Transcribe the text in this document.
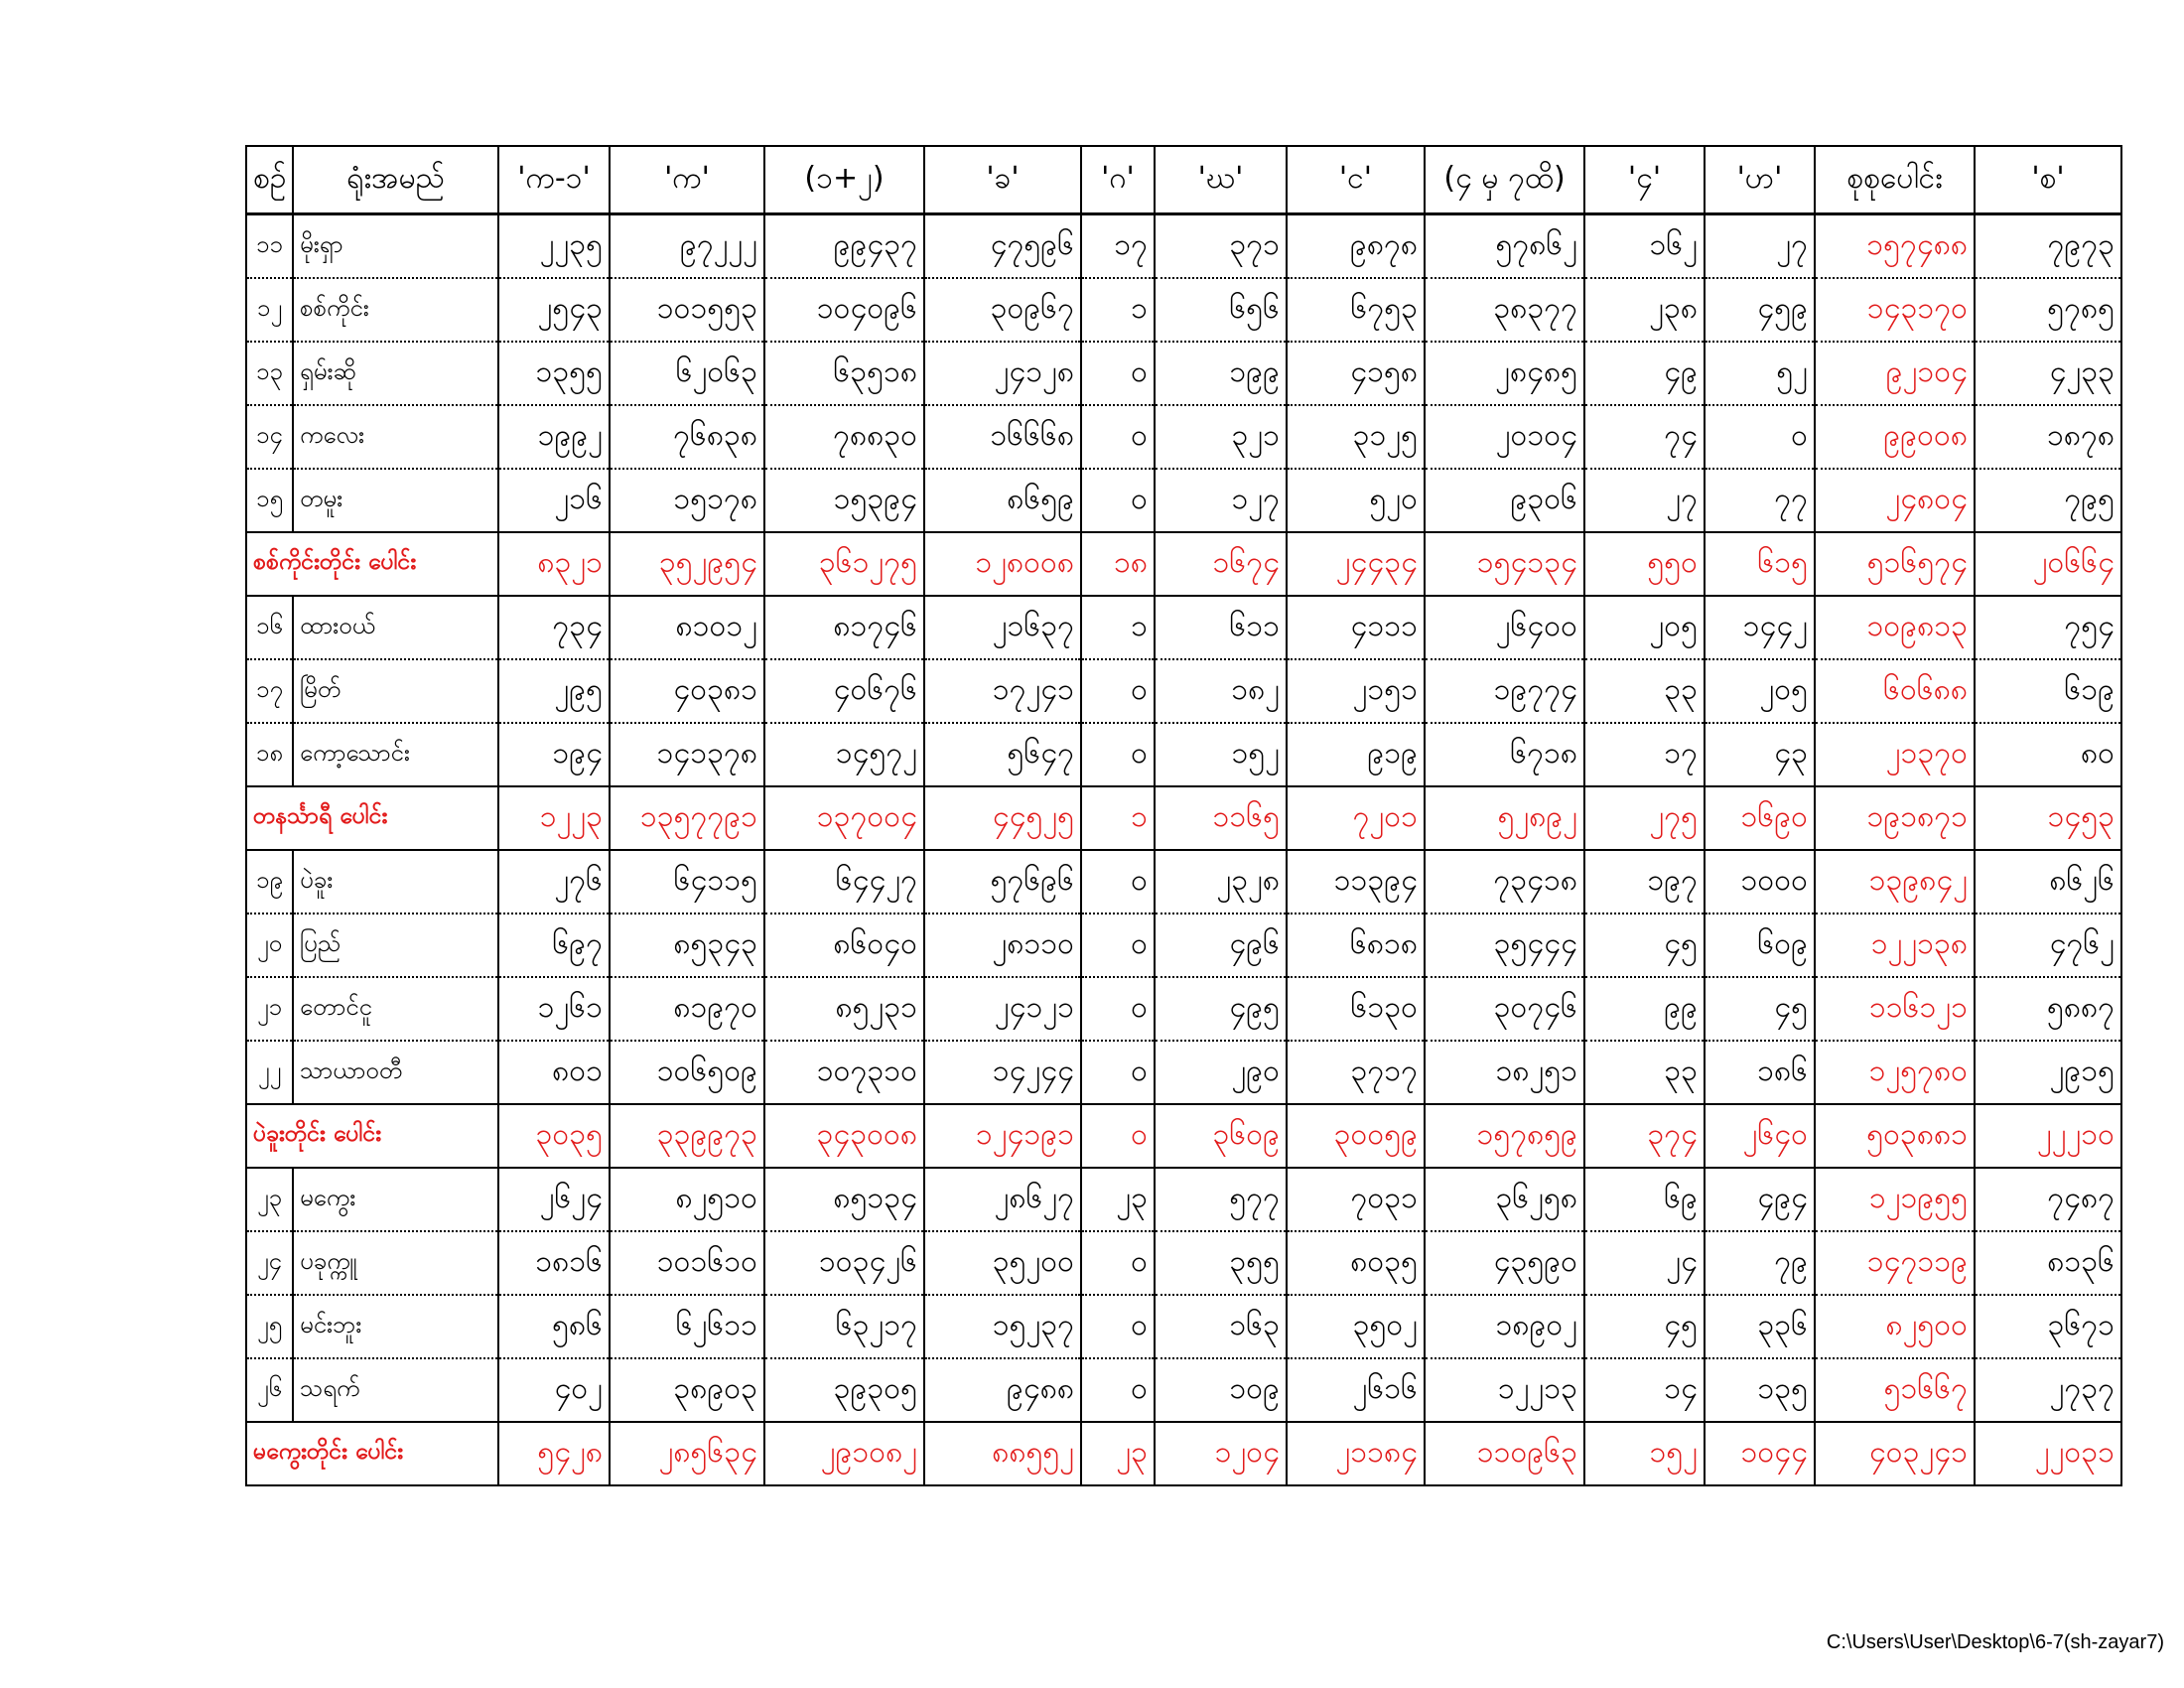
စဉ်	ရုံးအမည်	'က-၁'	'က'	(၁+၂)	'ခ'	'ဂ'	'ဃ'	'င'	(၄ မှ ၇ထိ)	'၄'	'ဟ'	စုစုပေါင်း	'စ'
၁၁	မိုးရှာ	၂၂၃၅	၉၇၂၂၂	၉၉၄၃၇	၄၇၅၉၆	၁၇	၃၇၁	၉၈၇၈	၅၇၈၆၂	၁၆၂	၂၇	၁၅၇၄၈၈	၇၉၇၃
၁၂	စစ်ကိုင်း	၂၅၄၃	၁၀၁၅၅၃	၁၀၄၀၉၆	၃၀၉၆၇	၁	၆၅၆	၆၇၅၃	၃၈၃၇၇	၂၃၈	၄၅၉	၁၄၃၁၇၀	၅၇၈၅
၁၃	ရှမ်းဆို	၁၃၅၅	၆၂၀၆၃	၆၃၅၁၈	၂၄၁၂၈	၀	၁၉၉	၄၁၅၈	၂၈၄၈၅	၄၉	၅၂	၉၂၁၀၄	၄၂၃၃
၁၄	ကလေး	၁၉၉၂	၇၆၈၃၈	၇၈၈၃၀	၁၆၆၆၈	၀	၃၂၁	၃၁၂၅	၂၀၁၀၄	၇၄	၀	၉၉၀၀၈	၁၈၇၈
၁၅	တမူး	၂၁၆	၁၅၁၇၈	၁၅၃၉၄	၈၆၅၉	၀	၁၂၇	၅၂၀	၉၃၀၆	၂၇	၇၇	၂၄၈၀၄	၇၉၅
စစ်ကိုင်းတိုင်း ပေါင်း		၈၃၂၁	၃၅၂၉၅၄	၃၆၁၂၇၅	၁၂၈၀၀၈	၁၈	၁၆၇၄	၂၄၄၃၄	၁၅၄၁၃၄	၅၅၀	၆၁၅	၅၁၆၅၇၄	၂၀၆၆၄
၁၆	ထားဝယ်	၇၃၄	၈၁၀၁၂	၈၁၇၄၆	၂၁၆၃၇	၁	၆၁၁	၄၁၁၁	၂၆၄၀၀	၂၀၅	၁၄၄၂	၁၀၉၈၁၃	၇၅၄
၁၇	မြိတ်	၂၉၅	၄၀၃၈၁	၄၀၆၇၆	၁၇၂၄၁	၀	၁၈၂	၂၁၅၁	၁၉၇၇၄	၃၃	၂၀၅	၆၀၆၈၈	၆၁၉
၁၈	ကော့သောင်း	၁၉၄	၁၄၁၃၇၈	၁၄၅၇၂	၅၆၄၇	၀	၁၅၂	၉၁၉	၆၇၁၈	၁၇	၄၃	၂၁၃၇၀	၈၀
တနင်္သာရီ ပေါင်း		၁၂၂၃	၁၃၅၇၇၉၁	၁၃၇၀၀၄	၄၄၅၂၅	၁	၁၁၆၅	၇၂၀၁	၅၂၈၉၂	၂၇၅	၁၆၉၀	၁၉၁၈၇၁	၁၄၅၃
၁၉	ပဲခူး	၂၇၆	၆၄၁၁၅	၆၄၄၂၇	၅၇၆၉၆	၀	၂၃၂၈	၁၁၃၉၄	၇၃၄၁၈	၁၉၇	၁၀၀၀	၁၃၉၈၄၂	၈၆၂၆
၂၀	ပြည်	၆၉၇	၈၅၃၄၃	၈၆၀၄၀	၂၈၁၁၀	၀	၄၉၆	၆၈၁၈	၃၅၄၄၄	၄၅	၆၀၉	၁၂၂၁၃၈	၄၇၆၂
၂၁	တောင်ငူ	၁၂၆၁	၈၁၉၇၀	၈၅၂၃၁	၂၄၁၂၁	၀	၄၉၅	၆၁၃၀	၃၀၇၄၆	၉၉	၄၅	၁၁၆၁၂၁	၅၈၈၇
၂၂	သာယာဝတီ	၈၀၁	၁၀၆၅၀၉	၁၀၇၃၁၀	၁၄၂၄၄	၀	၂၉၀	၃၇၁၇	၁၈၂၅၁	၃၃	၁၈၆	၁၂၅၇၈၀	၂၉၁၅
ပဲခူးတိုင်း ပေါင်း		၃၀၃၅	၃၃၉၉၇၃	၃၄၃၀၀၈	၁၂၄၁၉၁	၀	၃၆၀၉	၃၀၀၅၉	၁၅၇၈၅၉	၃၇၄	၂၆၄၀	၅၀၃၈၈၁	၂၂၂၁၀
၂၃	မကွေး	၂၆၂၄	၈၂၅၁၀	၈၅၁၃၄	၂၈၆၂၇	၂၃	၅၇၇	၇၀၃၁	၃၆၂၅၈	၆၉	၄၉၄	၁၂၁၉၅၅	၇၄၈၇
၂၄	ပခုက္ကူ	၁၈၁၆	၁၀၁၆၁၀	၁၀၃၄၂၆	၃၅၂၀၀	၀	၃၅၅	၈၀၃၅	၄၃၅၉၀	၂၄	၇၉	၁၄၇၁၁၉	၈၁၃၆
၂၅	မင်းဘူး	၅၈၆	၆၂၆၁၁	၆၃၂၁၇	၁၅၂၃၇	၀	၁၆၃	၃၅၀၂	၁၈၉၀၂	၄၅	၃၃၆	၈၂၅၀၀	၃၆၇၁
၂၆	သရက်	၄၀၂	၃၈၉၀၃	၃၉၃၀၅	၉၄၈၈	၀	၁၀၉	၂၆၁၆	၁၂၂၁၃	၁၄	၁၃၅	၅၁၆၆၇	၂၇၃၇
မကွေးတိုင်း ပေါင်း		၅၄၂၈	၂၈၅၆၃၄	၂၉၁၀၈၂	၈၈၅၅၂	၂၃	၁၂၀၄	၂၁၁၈၄	၁၁၀၉၆၃	၁၅၂	၁၀၄၄	၄၀၃၂၄၁	၂၂၀၃၁
C:\Users\User\Desktop\6-7(sh-zayar7)
